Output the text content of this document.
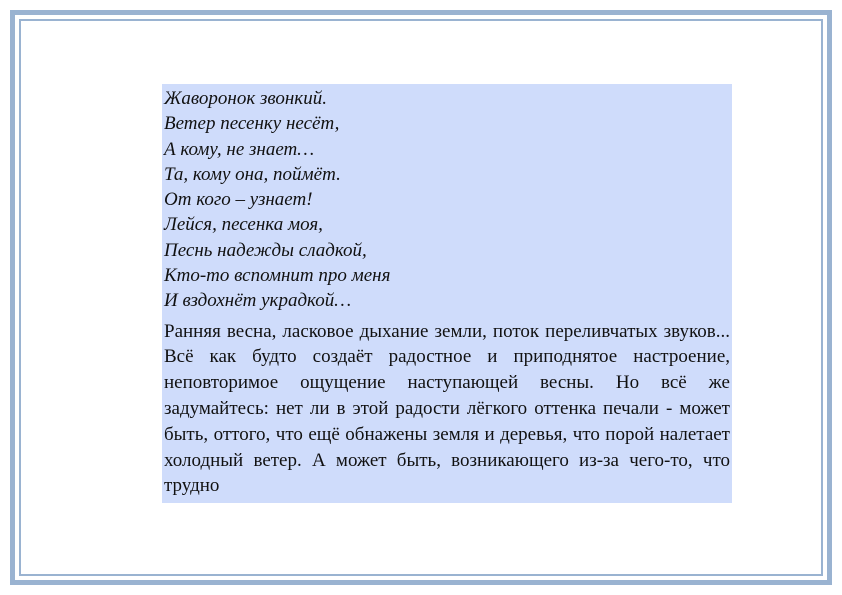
Жаворонок звонкий.
Ветер песенку несёт,
А кому, не знает…
Та, кому она, поймёт.
От кого – узнает!
Лейся, песенка моя,
Песнь надежды сладкой,
Кто-то вспомнит про меня
И вздохнёт украдкой…

Ранняя весна, ласковое дыхание земли, поток переливчатых звуков... Всё как будто создаёт радостное и приподнятое настроение, неповторимое ощущение наступающей весны. Но всё же задумайтесь: нет ли в этой радости лёгкого оттенка печали - может быть, оттого, что ещё обнажены земля и деревья, что порой налетает холодный ветер. А может быть, возникающего из-за чего-то, что трудно
